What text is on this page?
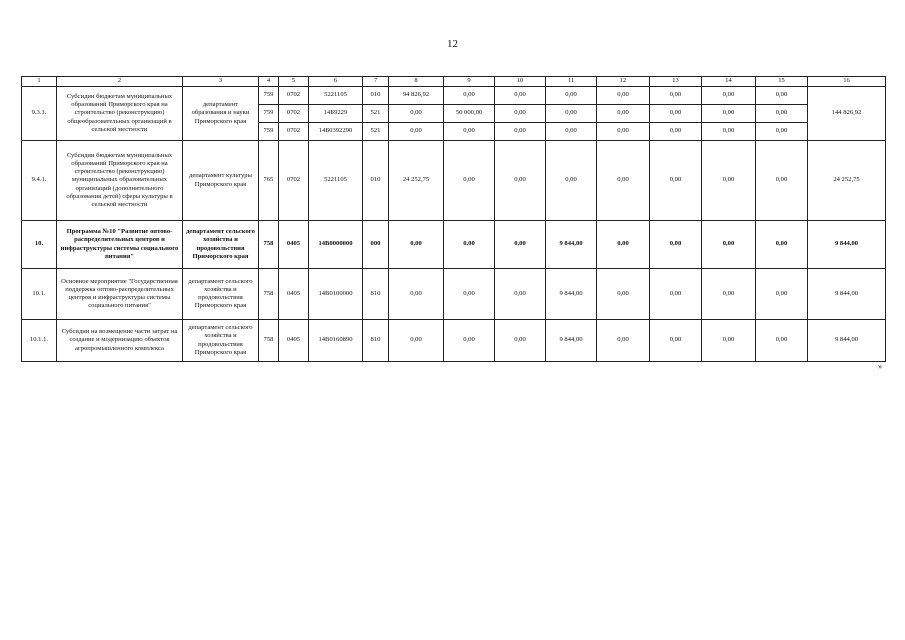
12
1	2	3	4	5	6	7	8	9	10	11	12	13	14	15	16
9.3.1.	Субсидии бюджетам муниципальных образований Приморского края на строительство (реконструкцию) общеобразовательных организаций в сельской местности	департамент образования и науки Приморского края	759	0702	5221105	010	94 826,92	0,00	0,00	0,00	0,00	0,00	0,00	0,00	144 826,92
			759	0702	14Б9229	521	0,00	50 000,00	0,00	0,00	0,00	0,00	0,00	0,00	
			759	0702	14Б0392290	521	0,00	0,00	0,00	0,00	0,00	0,00	0,00	0,00	
9.4.1.	Субсидии бюджетам муниципальных образований Приморского края на строительство (реконструкцию) муниципальных образовательных организаций (дополнительного образования детей) сферы культуры в сельской местности	департамент культуры Приморского края	765	0702	5221105	010	24 252,75	0,00	0,00	0,00	0,00	0,00	0,00	0,00	24 252,75
10.	Программа №10 "Развитие оптово-распределительных центров и инфраструктуры системы социального питания"	департамент сельского хозяйства и продовольствия Приморского края	758	0405	14В0000000	000	0,00	0,00	0,00	9 844,00	0,00	0,00	0,00	0,00	9 844,00
10.1.	Основное мероприятие "Государственная поддержка оптово-распределительных центров и инфраструктуры системы социального питания"	департамент сельского хозяйства и продовольствия Приморского края	758	0405	14В0100000	810	0,00	0,00	0,00	9 844,00	0,00	0,00	0,00	0,00	9 844,00
10.1.1.	Субсидии на возмещение части затрат на создание и модернизацию объектов агропромышленного комплекса	департамент сельского хозяйства и продовольствия Приморского края	758	0405	14В0160890	810	0,00	0,00	0,00	9 844,00	0,00	0,00	0,00	0,00	9 844,00
»
